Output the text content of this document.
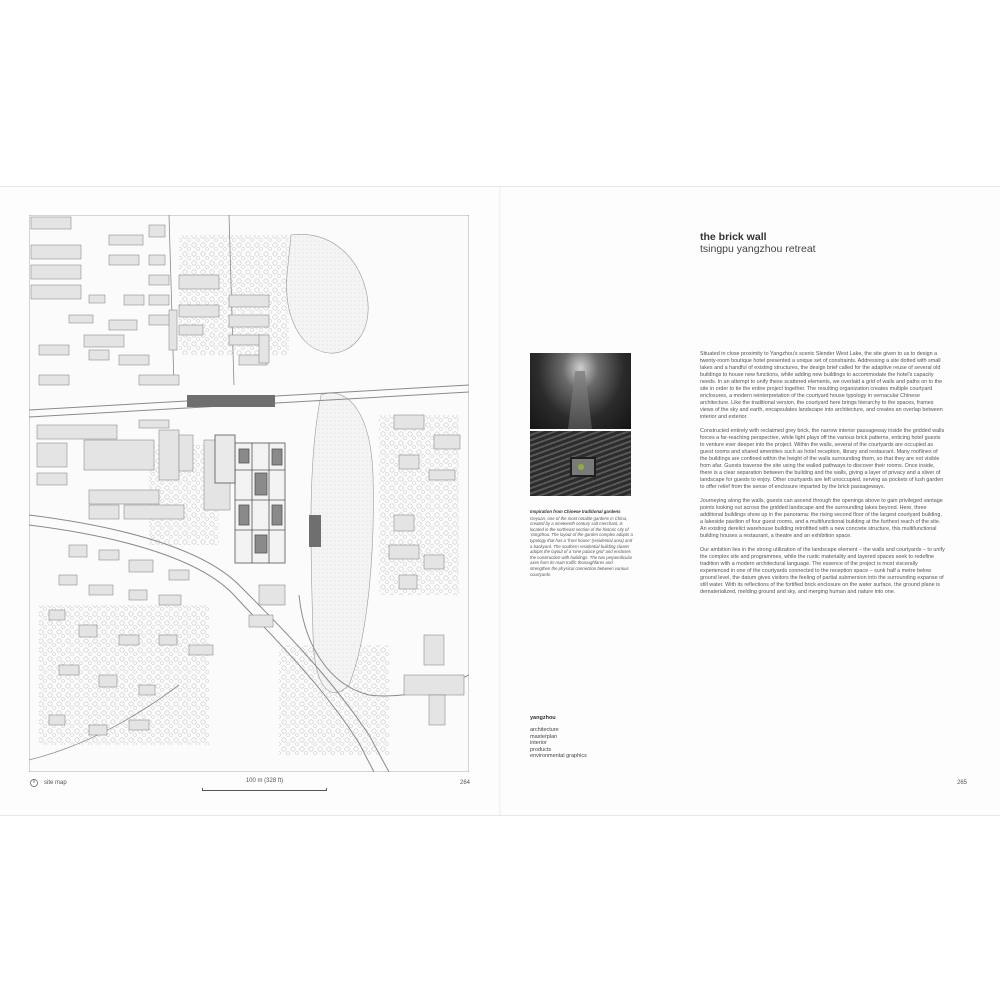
site map	100 m (328 ft)	264
Inspiration from Chinese traditional gardens
Geyuan, one of the most notable gardens in China, created by a nineteenth century salt merchant, is located in the northeast section of the historic city of Yangzhou. The layout of the garden complex adopts a typology that has a 'front house' (residential area) and a backyard. The southern residential building cluster adopts the layout of a 'nine palace grid' and encloses the construction with buildings. The two perpendicular axes form its main traffic thoroughfares and strengthen the physical connection between various courtyards.
yangzhou
architecture
masterplan
interior
products
environmental graphics
the brick wall
tsingpu yangzhou retreat

Situated in close proximity to Yangzhou's scenic Slender West Lake, the site given to us to design a twenty-room boutique hotel presented a unique set of constraints. Addressing a site dotted with small lakes and a handful of existing structures, the design brief called for the adaptive reuse of several old buildings to house new functions, while adding new buildings to accommodate the hotel's capacity needs. In an attempt to unify these scattered elements, we overlaid a grid of walls and paths on to the site in order to tie the entire project together. The resulting organization creates multiple courtyard enclosures, a modern reinterpretation of the courtyard house typology in vernacular Chinese architecture. Like the traditional version, the courtyard here brings hierarchy to the spaces, frames views of the sky and earth, encapsulates landscape into architecture, and creates an overlap between interior and exterior.

Constructed entirely with reclaimed grey brick, the narrow interior passageway inside the gridded walls forces a far-reaching perspective, while light plays off the various brick patterns, enticing hotel guests to venture ever deeper into the project. Within the walls, several of the courtyards are occupied as guest rooms and shared amenities such as hotel reception, library and restaurant. Many rooflines of the buildings are confined within the height of the walls surrounding them, so that they are not visible from afar. Guests traverse the site using the walled pathways to discover their rooms. Once inside, there is a clear separation between the building and the walls, giving a layer of privacy and a sliver of landscape for guests to enjoy. Other courtyards are left unoccupied, serving as pockets of lush garden to offer relief from the sense of enclosure imparted by the brick passageways.

Journeying along the walls, guests can ascend through the openings above to gain privileged vantage points looking out across the gridded landscape and the surrounding lakes beyond. Here, three additional buildings show up in the panorama: the rising second floor of the largest courtyard building, a lakeside pavilion of four guest rooms, and a multifunctional building at the furthest reach of the site. An existing derelict warehouse building retrofitted with a new concrete structure, this multifunctional building houses a restaurant, a theatre and an exhibition space.

Our ambition lies in the strong utilization of the landscape element – the walls and courtyards – to unify the complex site and programmes, while the rustic materiality and layered spaces seek to redefine tradition with a modern architectural language. The essence of the project is most viscerally experienced in one of the courtyards connected to the reception space – sunk half a metre below ground level, the datum gives visitors the feeling of partial submersion into the surrounding expanse of still water. With its reflections of the fortified brick enclosure on the water surface, the ground plane is dematerialized, melding ground and sky, and merging human and nature into one.

265
